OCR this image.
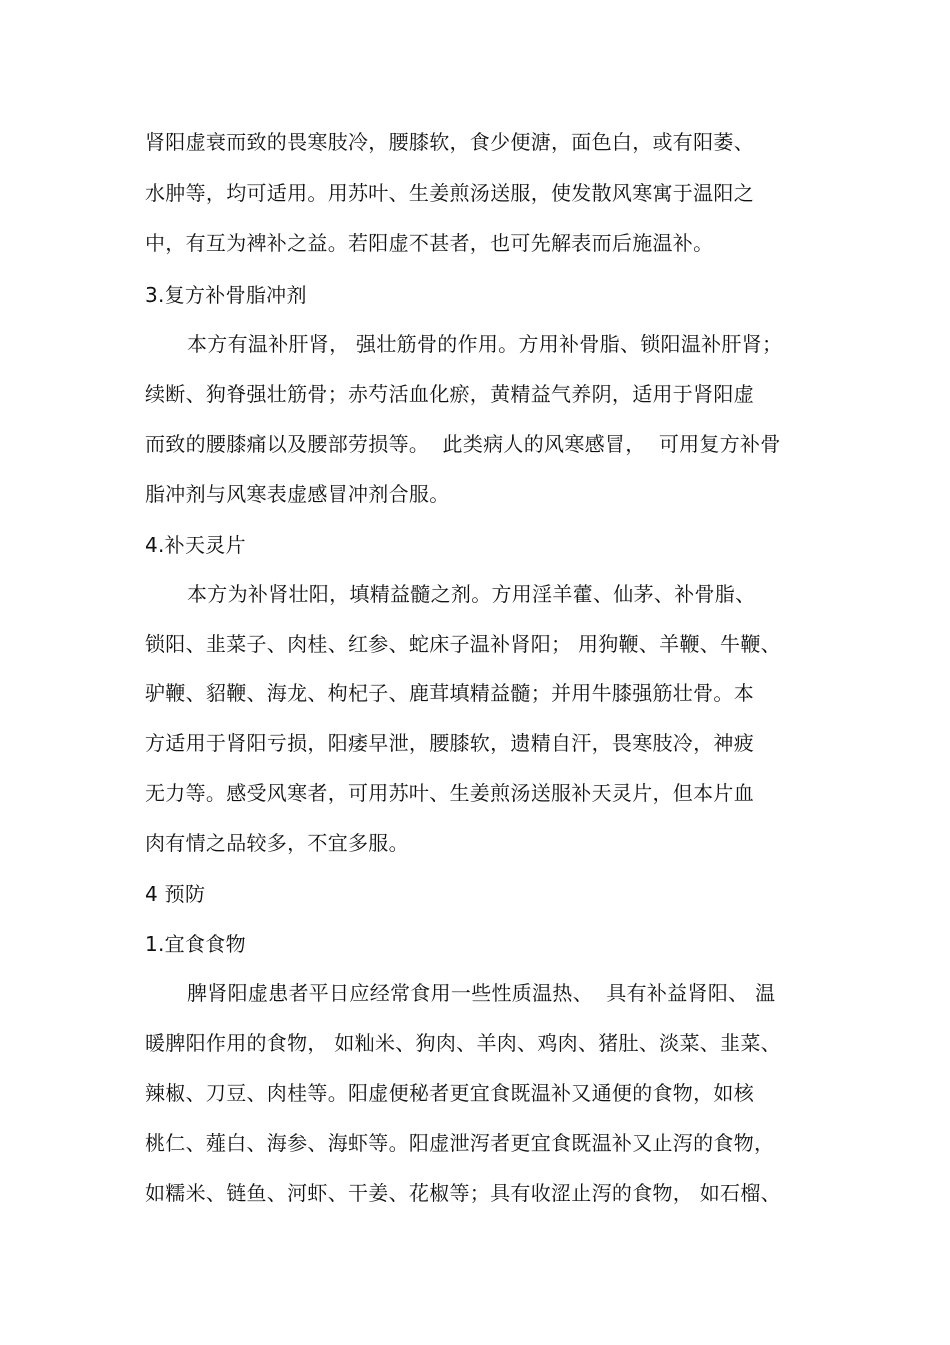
肾阳虚衰而致的畏寒肢冷，腰膝软，食少便溏，面色白，或有阳萎、
水肿等，均可适用。用苏叶、生姜煎汤送服，使发散风寒寓于温阳之
中，有互为裨补之益。若阳虚不甚者，也可先解表而后施温补。
3.复方补骨脂冲剂
本方有温补肝肾， 强壮筋骨的作用。方用补骨脂、锁阳温补肝肾；
续断、狗脊强壮筋骨；赤芍活血化瘀，黄精益气养阴，适用于肾阳虚
而致的腰膝痛以及腰部劳损等。  此类病人的风寒感冒，  可用复方补骨
脂冲剂与风寒表虚感冒冲剂合服。
4.补天灵片
本方为补肾壮阳，填精益髓之剂。方用淫羊藿、仙茅、补骨脂、
锁阳、韭菜子、肉桂、红参、蛇床子温补肾阳； 用狗鞭、羊鞭、牛鞭、
驴鞭、貂鞭、海龙、枸杞子、鹿茸填精益髓；并用牛膝强筋壮骨。本
方适用于肾阳亏损，阳痿早泄，腰膝软，遗精自汗，畏寒肢冷，神疲
无力等。感受风寒者，可用苏叶、生姜煎汤送服补天灵片，但本片血
肉有情之品较多，不宜多服。
4 预防
1.宜食食物
脾肾阳虚患者平日应经常食用一些性质温热、  具有补益肾阳、 温
暖脾阳作用的食物， 如籼米、狗肉、羊肉、鸡肉、猪肚、淡菜、韭菜、
辣椒、刀豆、肉桂等。阳虚便秘者更宜食既温补又通便的食物，如核
桃仁、薤白、海参、海虾等。阳虚泄泻者更宜食既温补又止泻的食物，
如糯米、链鱼、河虾、干姜、花椒等；具有收涩止泻的食物， 如石榴、
